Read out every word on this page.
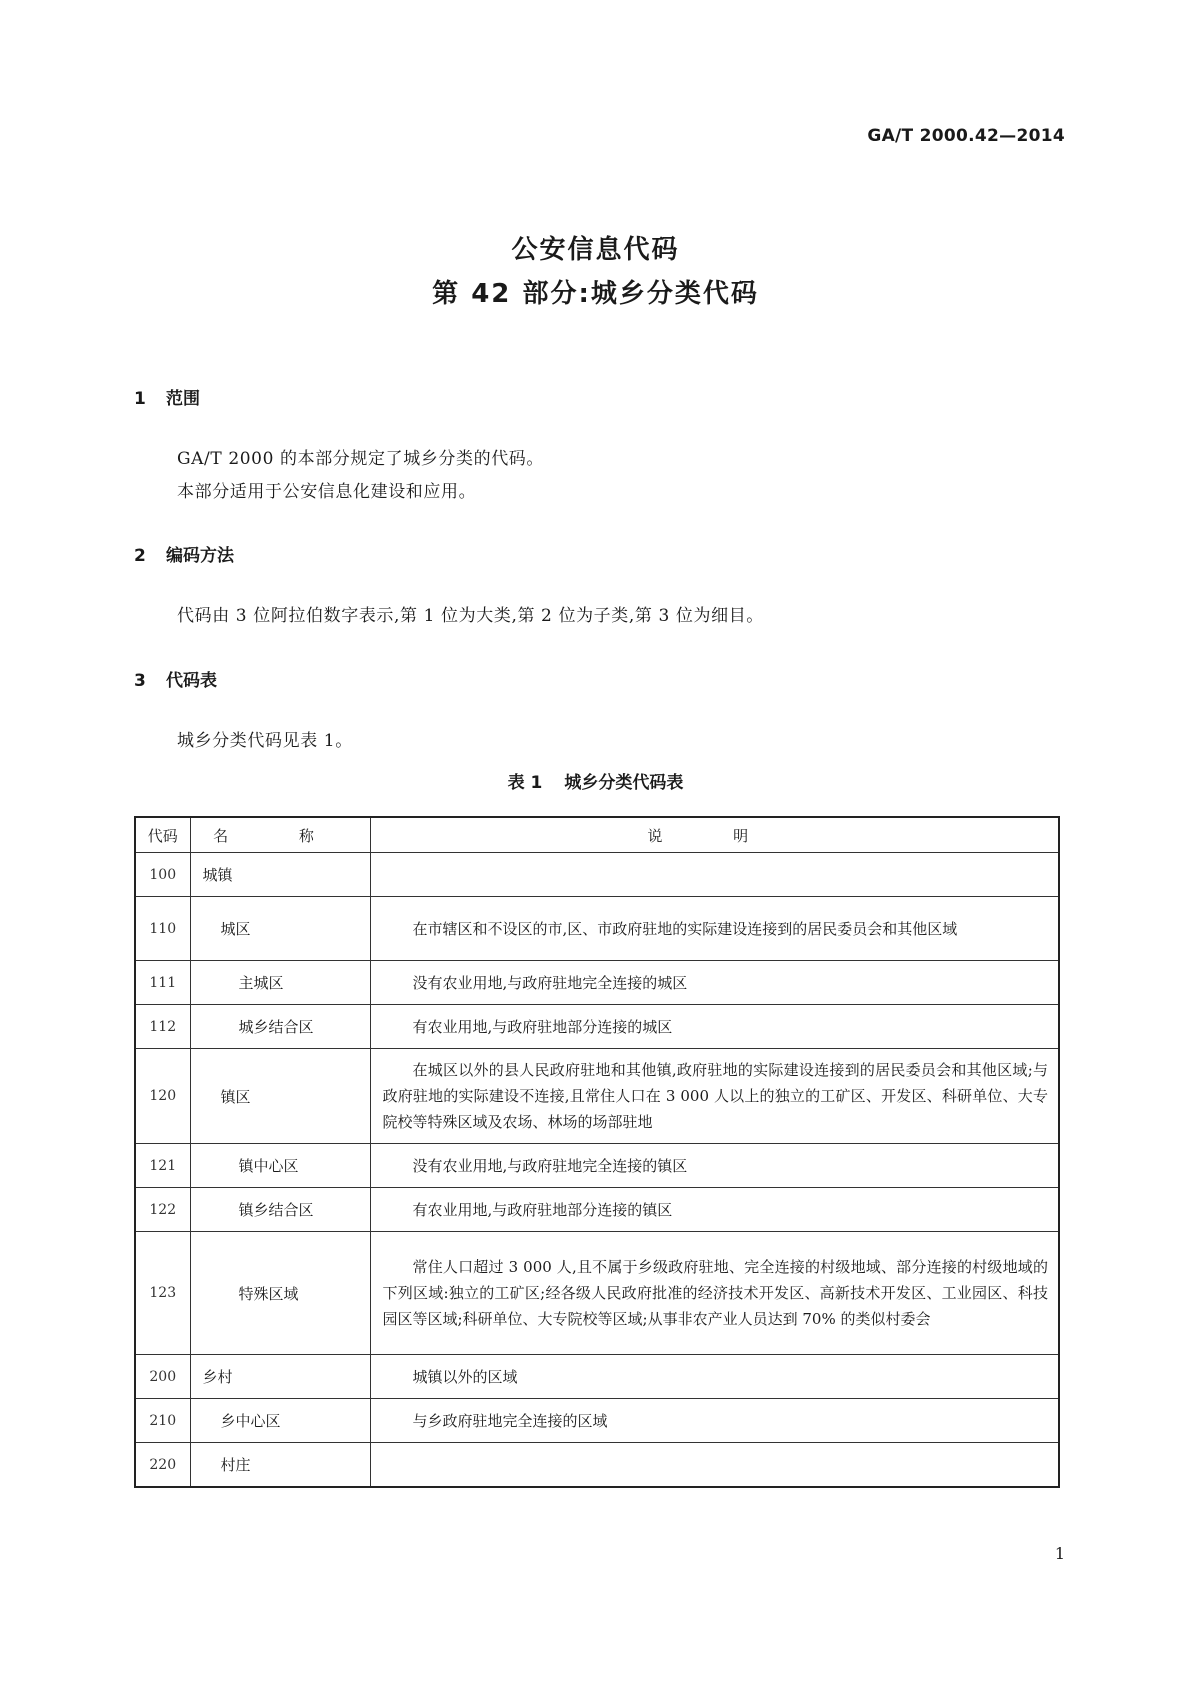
GA/T 2000.42—2014

公安信息代码

第 42 部分:城乡分类代码

1 范围

GA/T 2000 的本部分规定了城乡分类的代码。

本部分适用于公安信息化建设和应用。

2 编码方法

代码由 3 位阿拉伯数字表示,第 1 位为大类,第 2 位为子类,第 3 位为细目。

3 代码表

城乡分类代码见表 1。

表 1 城乡分类代码表

代码	名 称	说 明
100	城镇	

110	城区	在市辖区和不设区的市,区、市政府驻地的实际建设连接到的居民委员会和其他区域

111	主城区	没有农业用地,与政府驻地完全连接的城区

112	城乡结合区	有农业用地,与政府驻地部分连接的城区

120	镇区	在城区以外的县人民政府驻地和其他镇,政府驻地的实际建设连接到的居民委员会和其他区域;与政府驻地的实际建设不连接,且常住人口在 3 000 人以上的独立的工矿区、开发区、科研单位、大专院校等特殊区域及农场、林场的场部驻地

121	镇中心区	没有农业用地,与政府驻地完全连接的镇区

122	镇乡结合区	有农业用地,与政府驻地部分连接的镇区

123	特殊区域	常住人口超过 3 000 人,且不属于乡级政府驻地、完全连接的村级地域、部分连接的村级地域的下列区域:独立的工矿区;经各级人民政府批准的经济技术开发区、高新技术开发区、工业园区、科技园区等区域;科研单位、大专院校等区域;从事非农产业人员达到 70% 的类似村委会

200	乡村	城镇以外的区域

210	乡中心区	与乡政府驻地完全连接的区域

220	村庄	

1
